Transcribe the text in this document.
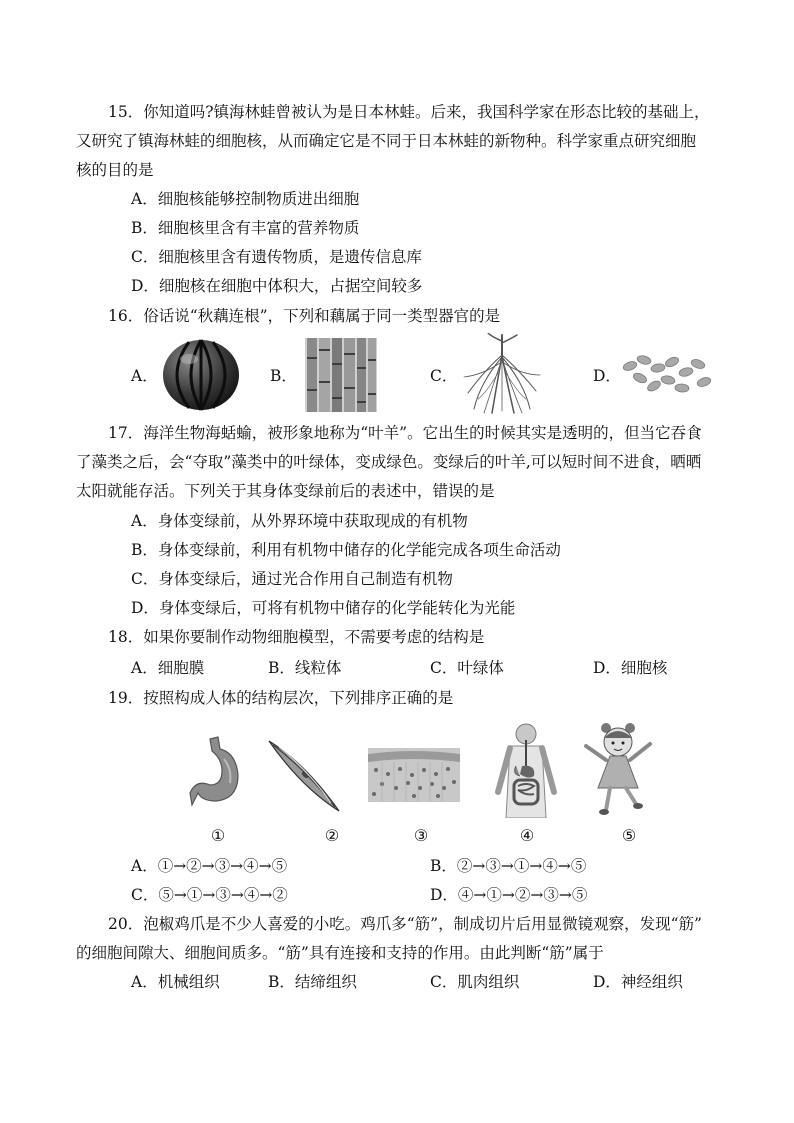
15．你知道吗?镇海林蛙曾被认为是日本林蛙。后来，我国科学家在形态比较的基础上，
又研究了镇海林蛙的细胞核，从而确定它是不同于日本林蛙的新物种。科学家重点研究细胞
核的目的是
A．细胞核能够控制物质进出细胞
B．细胞核里含有丰富的营养物质
C．细胞核里含有遗传物质，是遗传信息库
D．细胞核在细胞中体积大，占据空间较多
16．俗话说“秋藕连根”，下列和藕属于同一类型器官的是
A．	B．	C．	D．
17．海洋生物海蛞蝓，被形象地称为“叶羊”。它出生的时候其实是透明的，但当它吞食
了藻类之后，会“夺取”藻类中的叶绿体，变成绿色。变绿后的叶羊,可以短时间不进食，晒晒
太阳就能存活。下列关于其身体变绿前后的表述中，错误的是
A．身体变绿前，从外界环境中获取现成的有机物
B．身体变绿前，利用有机物中储存的化学能完成各项生命活动
C．身体变绿后，通过光合作用自己制造有机物
D．身体变绿后，可将有机物中储存的化学能转化为光能
18．如果你要制作动物细胞模型，不需要考虑的结构是
A．细胞膜	B．线粒体	C．叶绿体	D．细胞核
19．按照构成人体的结构层次，下列排序正确的是
①	②	③	④	⑤
A．①→②→③→④→⑤	B．②→③→①→④→⑤
C．⑤→①→③→④→②	D．④→①→②→③→⑤
20．泡椒鸡爪是不少人喜爱的小吃。鸡爪多“筋”，制成切片后用显微镜观察，发现“筋”
的细胞间隙大、细胞间质多。“筋”具有连接和支持的作用。由此判断“筋”属于
A．机械组织	B．结缔组织	C．肌肉组织	D．神经组织
